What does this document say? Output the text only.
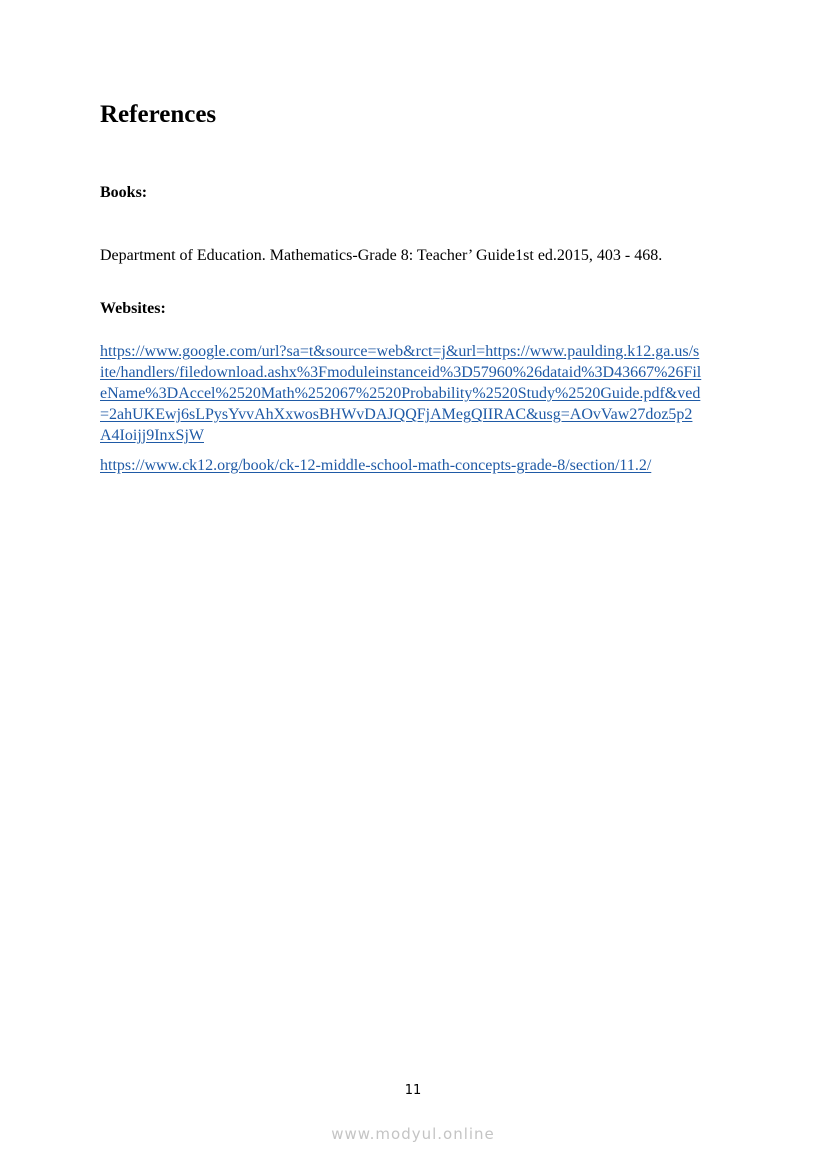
References
Books:

Department of Education. Mathematics-Grade 8: Teacher’ Guide1st ed.2015, 403 - 468.

Websites:
https://www.google.com/url?sa=t&source=web&rct=j&url=https://www.paulding.k12.ga.us/s
ite/handlers/filedownload.ashx%3Fmoduleinstanceid%3D57960%26dataid%3D43667%26Fil
eName%3DAccel%2520Math%252067%2520Probability%2520Study%2520Guide.pdf&ved
=2ahUKEwj6sLPysYvvAhXxwosBHWvDAJQQFjAMegQIIRAC&usg=AOvVaw27doz5p2
A4Ioijj9InxSjW
https://www.ck12.org/book/ck-12-middle-school-math-concepts-grade-8/section/11.2/
11
www.modyul.online
